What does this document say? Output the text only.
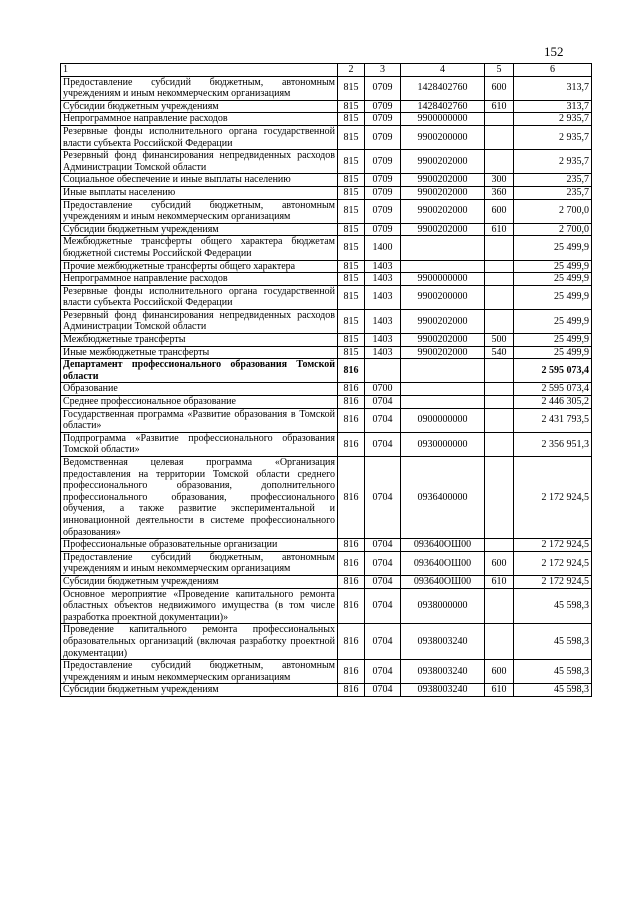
152
1	2	3	4	5	6
Предоставление субсидий бюджетным, автономным учреждениям и иным некоммерческим организациям	815	0709	1428402760	600	313,7
Субсидии бюджетным учреждениям	815	0709	1428402760	610	313,7
Непрограммное направление расходов	815	0709	9900000000		2 935,7
Резервные фонды исполнительного органа государственной власти субъекта Российской Федерации	815	0709	9900200000		2 935,7
Резервный фонд финансирования непредвиденных расходов Администрации Томской области	815	0709	9900202000		2 935,7
Социальное обеспечение и иные выплаты населению	815	0709	9900202000	300	235,7
Иные выплаты населению	815	0709	9900202000	360	235,7
Предоставление субсидий бюджетным, автономным учреждениям и иным некоммерческим организациям	815	0709	9900202000	600	2 700,0
Субсидии бюджетным учреждениям	815	0709	9900202000	610	2 700,0
Межбюджетные трансферты общего характера бюджетам бюджетной системы Российской Федерации	815	1400			25 499,9
Прочие межбюджетные трансферты общего характера	815	1403			25 499,9
Непрограммное направление расходов	815	1403	9900000000		25 499,9
Резервные фонды исполнительного органа государственной власти субъекта Российской Федерации	815	1403	9900200000		25 499,9
Резервный фонд финансирования непредвиденных расходов Администрации Томской области	815	1403	9900202000		25 499,9
Межбюджетные трансферты	815	1403	9900202000	500	25 499,9
Иные межбюджетные трансферты	815	1403	9900202000	540	25 499,9
Департамент профессионального образования Томской области	816				2 595 073,4
Образование	816	0700			2 595 073,4
Среднее профессиональное образование	816	0704			2 446 305,2
Государственная программа «Развитие образования в Томской области»	816	0704	0900000000		2 431 793,5
Подпрограмма «Развитие профессионального образования Томской области»	816	0704	0930000000		2 356 951,3
Ведомственная целевая программа «Организация предоставления на территории Томской области среднего профессионального образования, дополнительного профессионального образования, профессионального обучения, а также развитие экспериментальной и инновационной деятельности в системе профессионального образования»	816	0704	0936400000		2 172 924,5
Профессиональные образовательные организации	816	0704	093640ОШ00		2 172 924,5
Предоставление субсидий бюджетным, автономным учреждениям и иным некоммерческим организациям	816	0704	093640ОШ00	600	2 172 924,5
Субсидии бюджетным учреждениям	816	0704	093640ОШ00	610	2 172 924,5
Основное мероприятие «Проведение капитального ремонта областных объектов недвижимого имущества (в том числе разработка проектной документации)»	816	0704	0938000000		45 598,3
Проведение капитального ремонта профессиональных образовательных организаций (включая разработку проектной документации)	816	0704	0938003240		45 598,3
Предоставление субсидий бюджетным, автономным учреждениям и иным некоммерческим организациям	816	0704	0938003240	600	45 598,3
Субсидии бюджетным учреждениям	816	0704	0938003240	610	45 598,3
